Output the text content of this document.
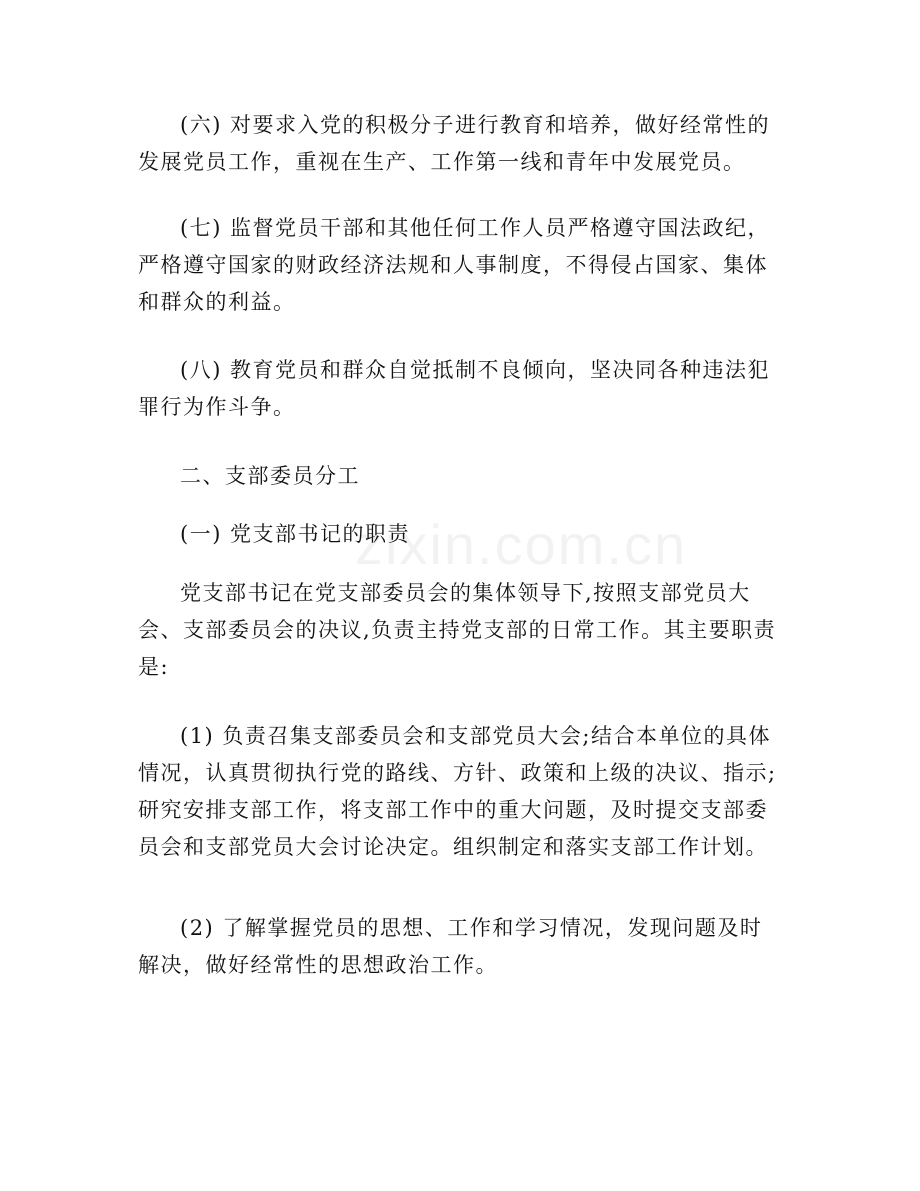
zixin.com.cn

(六) 对要求入党的积极分子进行教育和培养，做好经常性的发展党员工作，重视在生产、工作第一线和青年中发展党员。

(七) 监督党员干部和其他任何工作人员严格遵守国法政纪，严格遵守国家的财政经济法规和人事制度，不得侵占国家、集体和群众的利益。

(八) 教育党员和群众自觉抵制不良倾向，坚决同各种违法犯罪行为作斗争。

二、支部委员分工

(一) 党支部书记的职责

党支部书记在党支部委员会的集体领导下,按照支部党员大会、支部委员会的决议,负责主持党支部的日常工作。其主要职责是:

(1) 负责召集支部委员会和支部党员大会;结合本单位的具体情况，认真贯彻执行党的路线、方针、政策和上级的决议、指示;研究安排支部工作，将支部工作中的重大问题，及时提交支部委员会和支部党员大会讨论决定。组织制定和落实支部工作计划。

(2) 了解掌握党员的思想、工作和学习情况，发现问题及时解决，做好经常性的思想政治工作。
